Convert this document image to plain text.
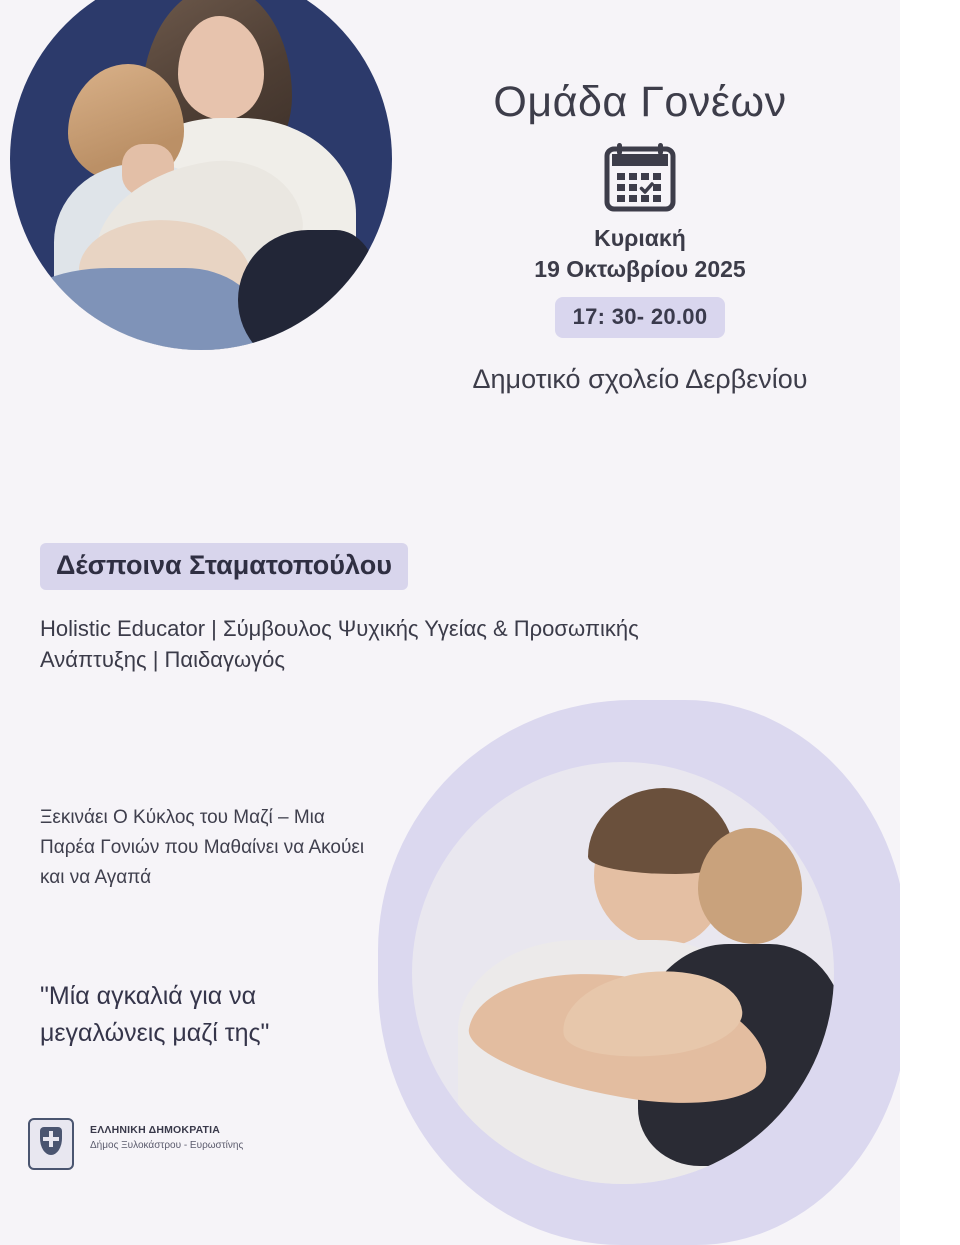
Ομάδα Γονέων
Κυριακή
19 Οκτωβρίου 2025
17: 30- 20.00
Δημοτικό σχολείο Δερβενίου
Δέσποινα Σταματοπούλου
Holistic Educator | Σύμβουλος Ψυχικής Υγείας & Προσωπικής Ανάπτυξης | Παιδαγωγός
Ξεκινάει Ο Κύκλος του Μαζί – Μια Παρέα Γονιών που Μαθαίνει να Ακούει και να Αγαπά
"Μία αγκαλιά για να μεγαλώνεις μαζί της"
ΕΛΛΗΝΙΚΗ ΔΗΜΟΚΡΑΤΙΑ
Δήμος Ξυλοκάστρου - Ευρωστίνης
